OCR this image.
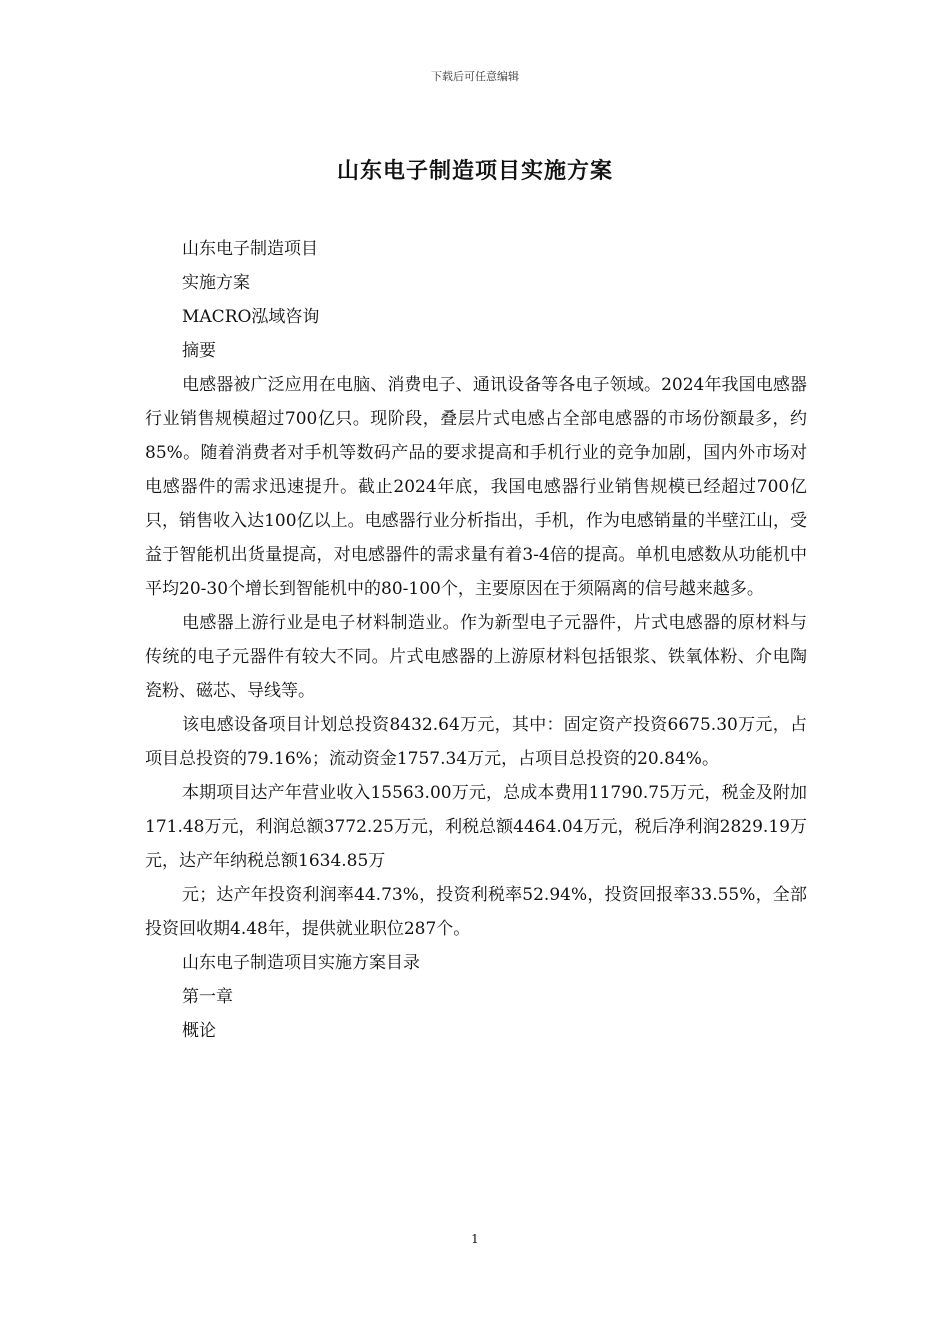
下载后可任意编辑
山东电子制造项目实施方案

山东电子制造项目

实施方案

MACRO泓域咨询

摘要

电感器被广泛应用在电脑、消费电子、通讯设备等各电子领域。2024年我国电感器行业销售规模超过700亿只。现阶段，叠层片式电感占全部电感器的市场份额最多，约85%。随着消费者对手机等数码产品的要求提高和手机行业的竞争加剧，国内外市场对电感器件的需求迅速提升。截止2024年底，我国电感器行业销售规模已经超过700亿只，销售收入达100亿以上。电感器行业分析指出，手机，作为电感销量的半壁江山，受益于智能机出货量提高，对电感器件的需求量有着3-4倍的提高。单机电感数从功能机中平均20-30个增长到智能机中的80-100个，主要原因在于须隔离的信号越来越多。

电感器上游行业是电子材料制造业。作为新型电子元器件，片式电感器的原材料与传统的电子元器件有较大不同。片式电感器的上游原材料包括银浆、铁氧体粉、介电陶瓷粉、磁芯、导线等。

该电感设备项目计划总投资8432.64万元，其中：固定资产投资6675.30万元，占项目总投资的79.16%；流动资金1757.34万元，占项目总投资的20.84%。

本期项目达产年营业收入15563.00万元，总成本费用11790.75万元，税金及附加171.48万元，利润总额3772.25万元，利税总额4464.04万元，税后净利润2829.19万元，达产年纳税总额1634.85万

元；达产年投资利润率44.73%，投资利税率52.94%，投资回报率33.55%，全部投资回收期4.48年，提供就业职位287个。

山东电子制造项目实施方案目录

第一章

概论

1
